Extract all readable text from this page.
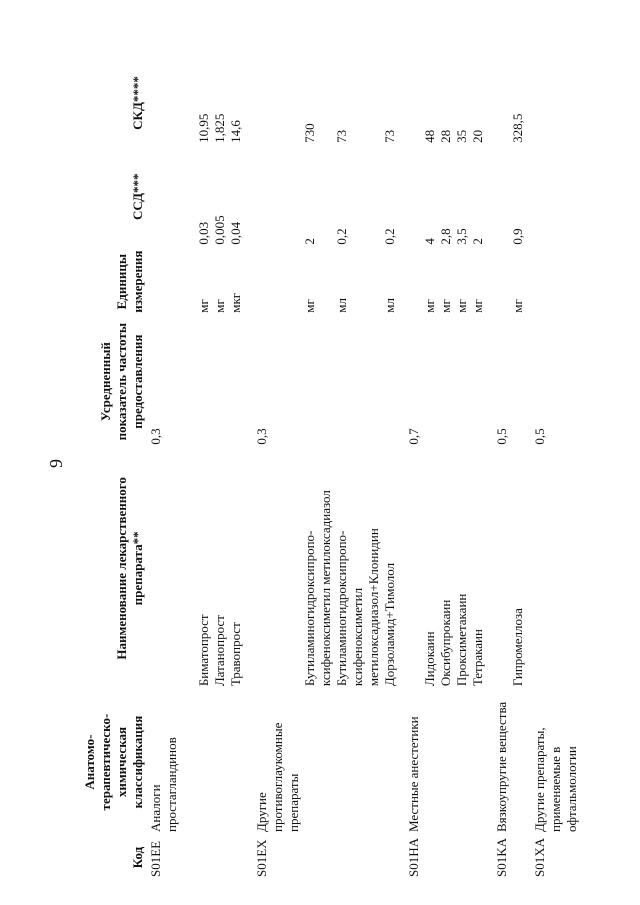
9
Код	Анатомо-терапевтическо-химическая классификация	Наименование лекарственного препарата**	Усредненный показатель частоты предоставления	Единицы измерения	ССД***	СКД****
S01EE	Аналоги простагландинов		0,3			

		Биматопрост		мг	0,03	10,95
		Латанопрост		мг	0,005	1,825
		Травопрост		мкг	0,04	14,6

S01EX	Другие противоглаукомные препараты		0,3			
		Бутиламиногидроксипропо-ксифеноксиметил метилоксадиазол		мг	2	730
		Бутиламиногидроксипропо-ксифеноксиметил метилоксадиазол+Клонидин		мл	0,2	73
		Дорзоламид+Тимолол		мл	0,2	73

S01HA	Местные анестетики		0,7			
		Лидокаин		мг	4	48
		Оксибупрокаин		мг	2,8	28
		Проксиметакаин		мг	3,5	35
		Тетракаин		мг	2	20

S01KA	Вязкоупругие вещества		0,5			
		Гипромеллоза		мг	0,9	328,5

S01XA	Другие препараты, применяемые в офтальмологии		0,5			
